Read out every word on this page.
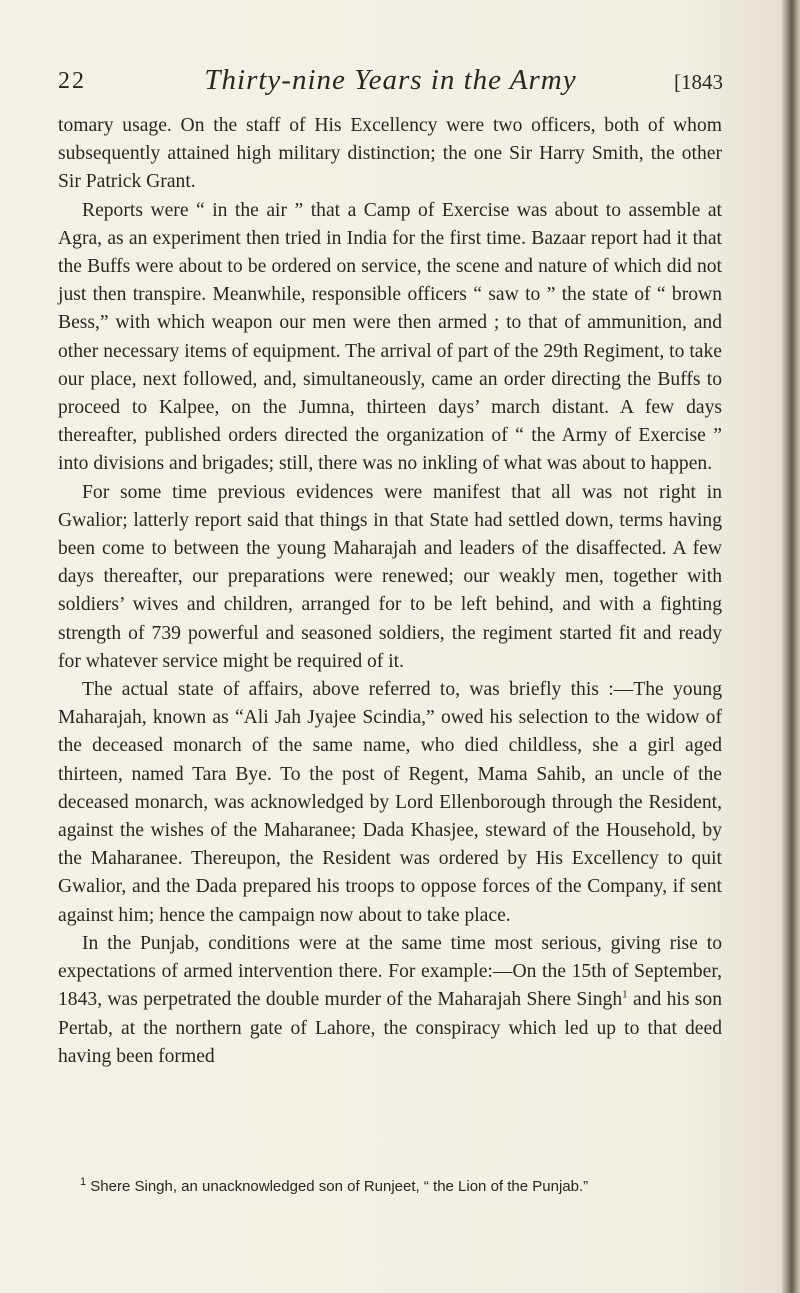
22	Thirty-nine Years in the Army	[1843

tomary usage. On the staff of His Excellency were two officers, both of whom subsequently attained high military distinction; the one Sir Harry Smith, the other Sir Patrick Grant.

Reports were “ in the air ” that a Camp of Exercise was about to assemble at Agra, as an experiment then tried in India for the first time. Bazaar report had it that the Buffs were about to be ordered on service, the scene and nature of which did not just then transpire. Meanwhile, responsible officers “ saw to ” the state of “ brown Bess,” with which weapon our men were then armed ; to that of ammunition, and other necessary items of equipment. The arrival of part of the 29th Regiment, to take our place, next followed, and, simultaneously, came an order directing the Buffs to proceed to Kalpee, on the Jumna, thirteen days’ march distant. A few days thereafter, published orders directed the organization of “ the Army of Exercise ” into divisions and brigades; still, there was no inkling of what was about to happen.

For some time previous evidences were manifest that all was not right in Gwalior; latterly report said that things in that State had settled down, terms having been come to between the young Maharajah and leaders of the disaffected. A few days thereafter, our preparations were renewed; our weakly men, together with soldiers’ wives and children, arranged for to be left behind, and with a fighting strength of 739 powerful and seasoned soldiers, the regiment started fit and ready for whatever service might be required of it.

The actual state of affairs, above referred to, was briefly this :—The young Maharajah, known as “Ali Jah Jyajee Scindia,” owed his selection to the widow of the deceased monarch of the same name, who died childless, she a girl aged thirteen, named Tara Bye. To the post of Regent, Mama Sahib, an uncle of the deceased monarch, was acknowledged by Lord Ellenborough through the Resident, against the wishes of the Maharanee; Dada Khasjee, steward of the Household, by the Maharanee. Thereupon, the Resident was ordered by His Excellency to quit Gwalior, and the Dada prepared his troops to oppose forces of the Company, if sent against him; hence the campaign now about to take place.

In the Punjab, conditions were at the same time most serious, giving rise to expectations of armed intervention there. For example:—On the 15th of September, 1843, was perpetrated the double murder of the Maharajah Shere Singh$^1$ and his son Pertab, at the northern gate of Lahore, the conspiracy which led up to that deed having been formed

$^1$ Shere Singh, an unacknowledged son of Runjeet, “ the Lion of the Punjab.”
